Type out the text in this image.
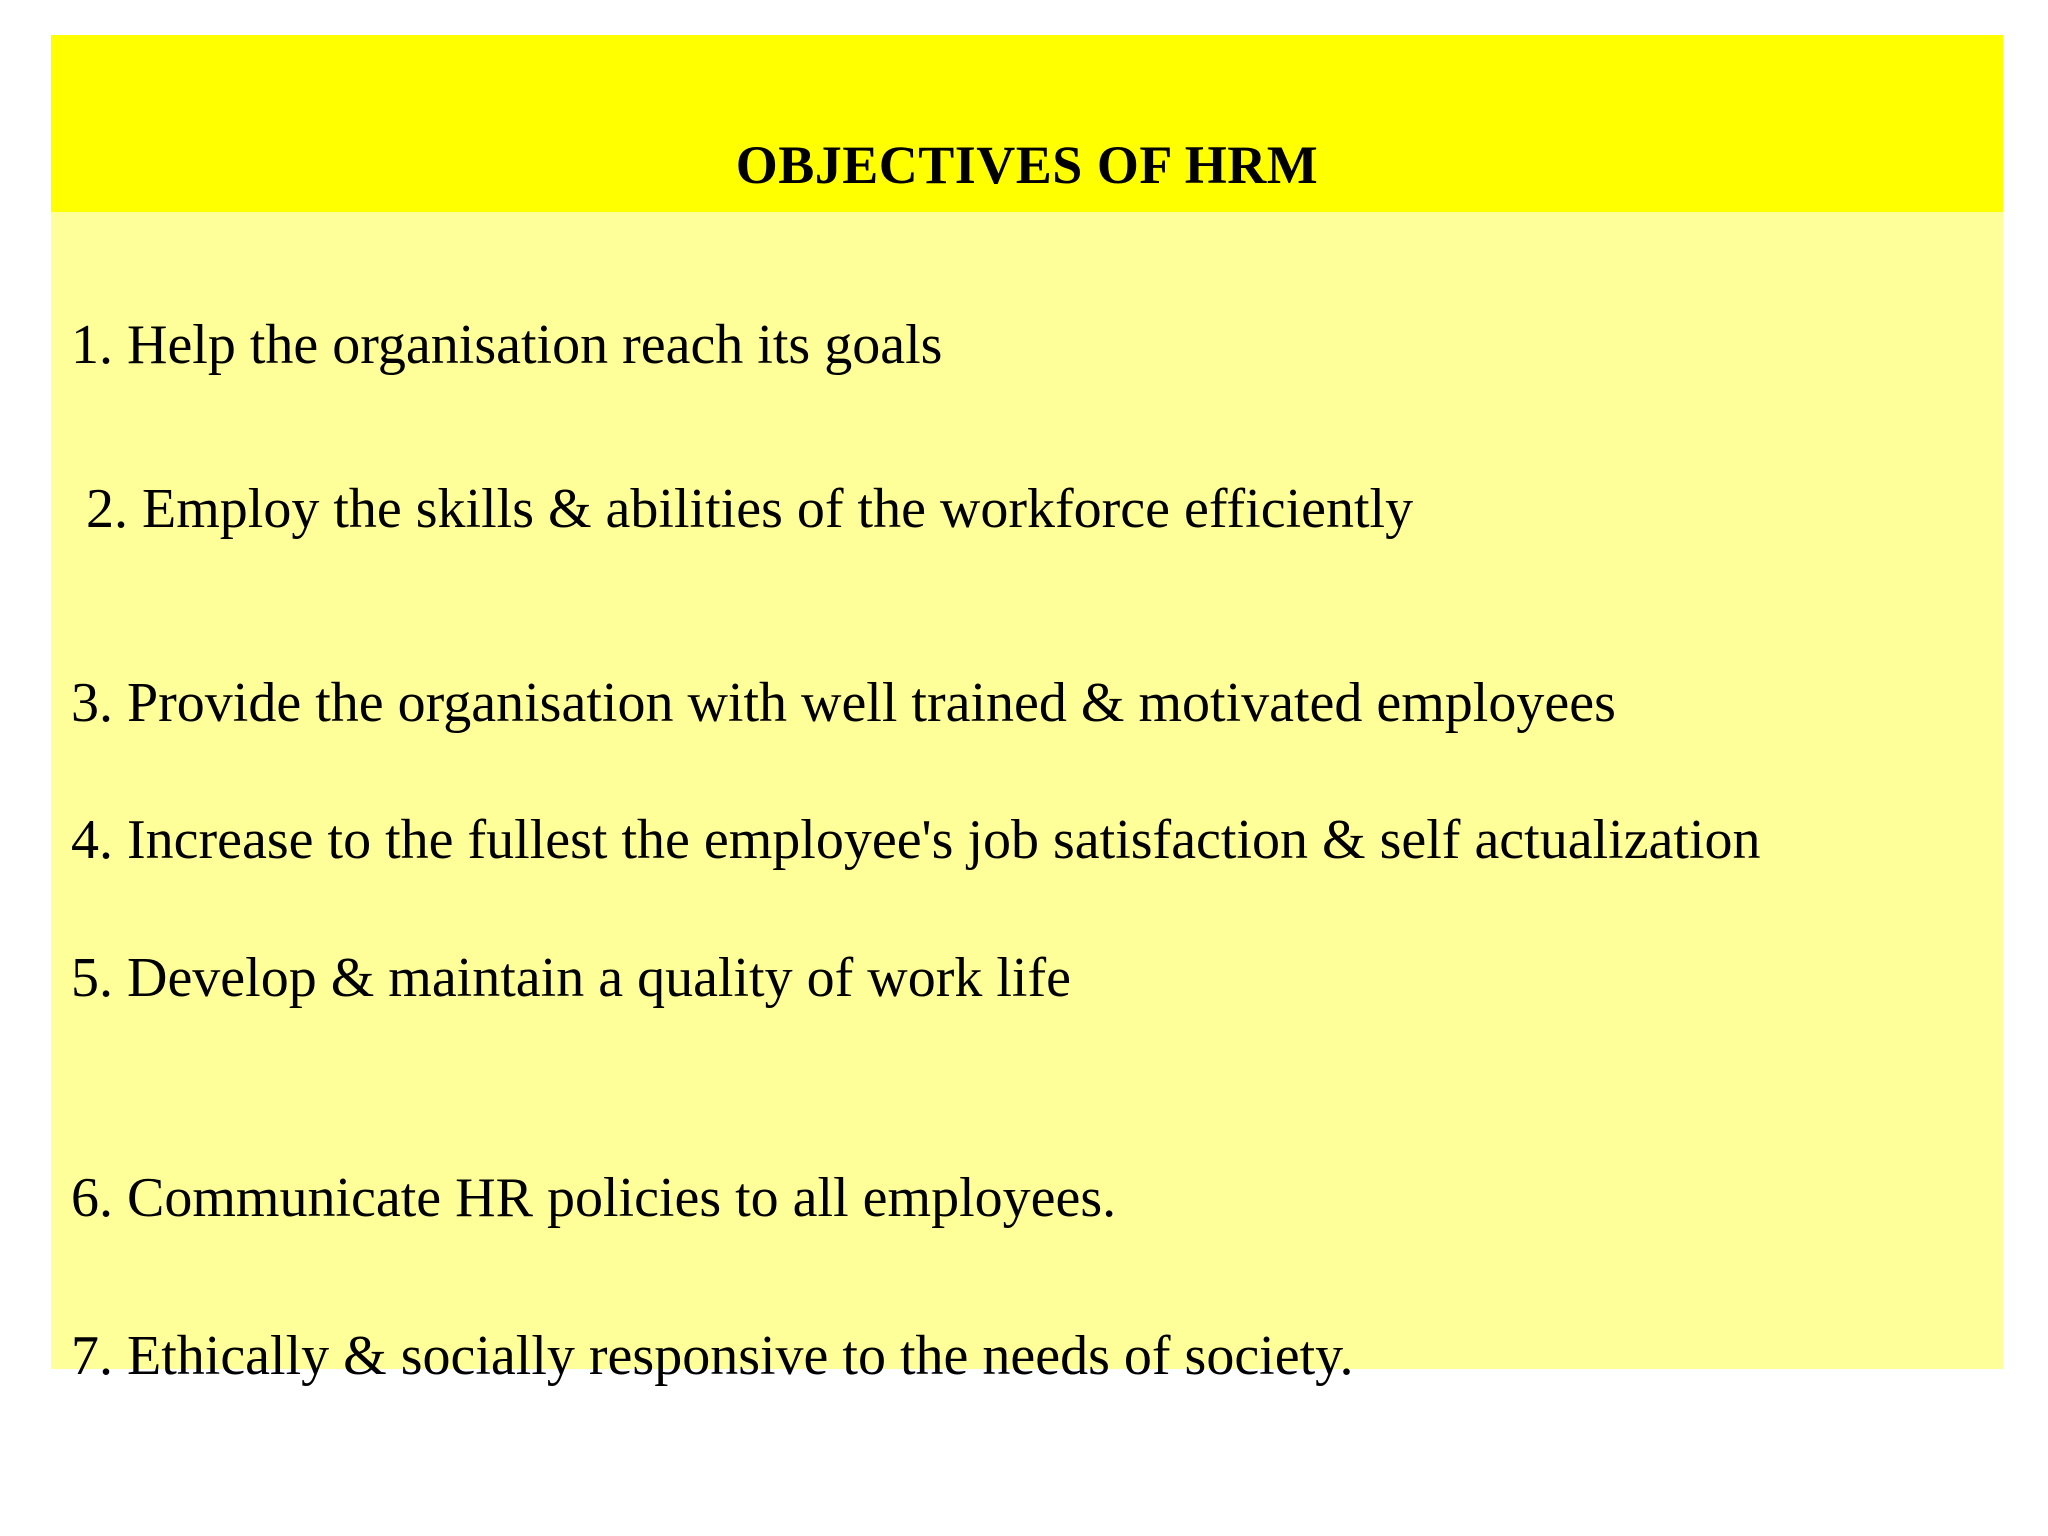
OBJECTIVES OF HRM
1. Help the organisation reach its goals
2. Employ the skills & abilities of the workforce efficiently
3. Provide the organisation with well trained & motivated employees
4. Increase to the fullest the employee's job satisfaction & self actualization
5. Develop & maintain a quality of work life
6. Communicate HR policies to all employees.
7. Ethically & socially responsive to the needs of society.
